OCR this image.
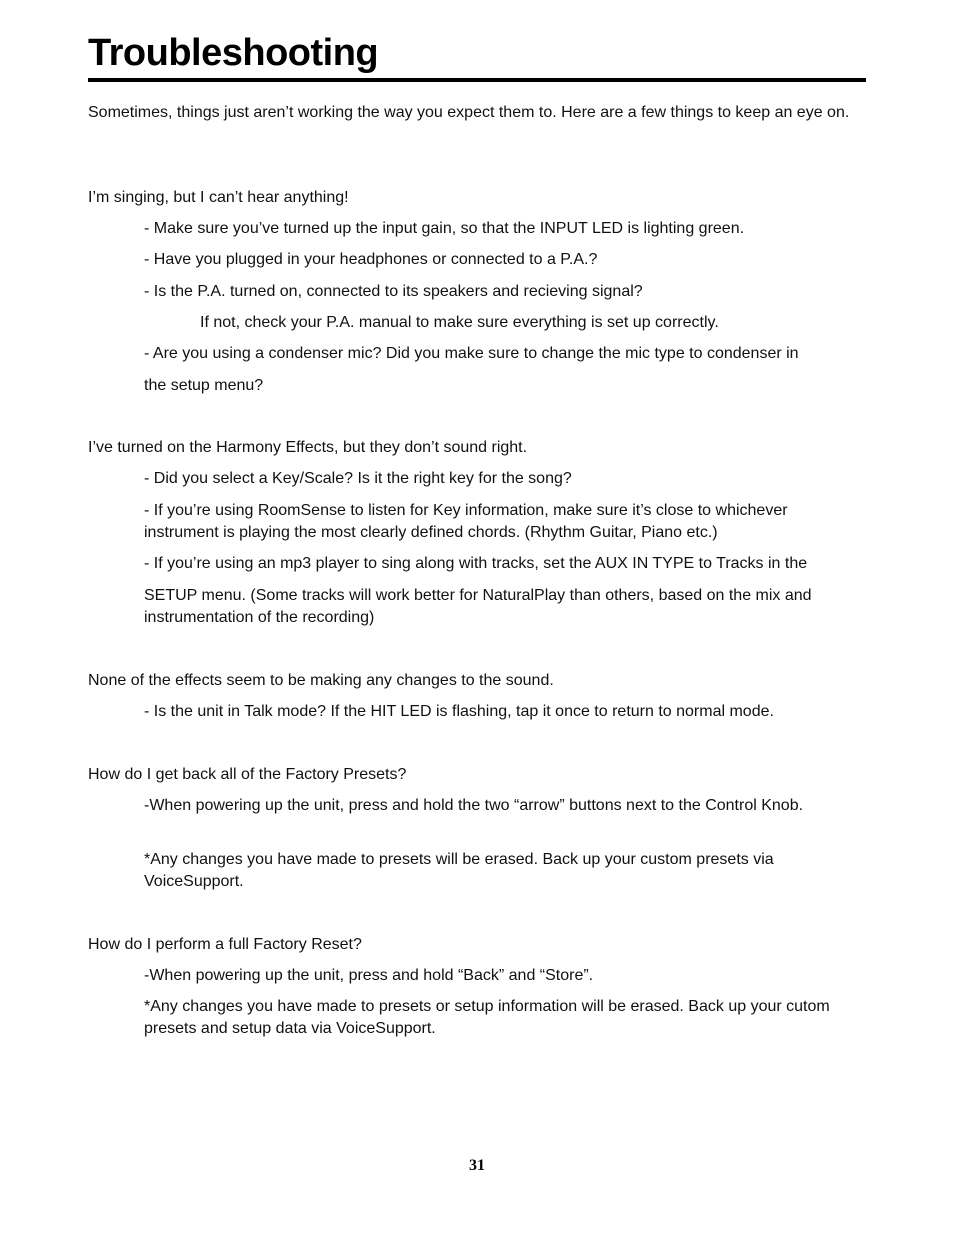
Troubleshooting

Sometimes, things just aren’t working the way you expect them to. Here are a few things to keep an eye on.

I’m singing, but I can’t hear anything!

- Make sure you’ve turned up the input gain, so that the INPUT LED is lighting green.

- Have you plugged in your headphones or connected to a P.A.?

- Is the P.A. turned on, connected to its speakers and recieving signal?

If not, check your P.A. manual to make sure everything is set up correctly.

- Are you using a condenser mic? Did you make sure to change the mic type to condenser in

the setup menu?

I’ve turned on the Harmony Effects, but they don’t sound right.

- Did you select a Key/Scale? Is it the right key for the song?

- If you’re using RoomSense to listen for Key information, make sure it’s close to whichever instrument is playing the most clearly defined chords. (Rhythm Guitar, Piano etc.)

- If you’re using an mp3 player to sing along with tracks, set the AUX IN TYPE to Tracks in the

SETUP menu. (Some tracks will work better for NaturalPlay than others, based on the mix and instrumentation of the recording)

None of the effects seem to be making any changes to the sound.

- Is the unit in Talk mode? If the HIT LED is flashing, tap it once to return to normal mode.

How do I get back all of the Factory Presets?

-When powering up the unit, press and hold the two “arrow” buttons next to the Control Knob.

*Any changes you have made to presets will be erased. Back up your custom presets via VoiceSupport.

How do I perform a full Factory Reset?

-When powering up the unit, press and hold “Back” and “Store”.

*Any changes you have made to presets or setup information will be erased. Back up your cutom presets and setup data via VoiceSupport.

31
